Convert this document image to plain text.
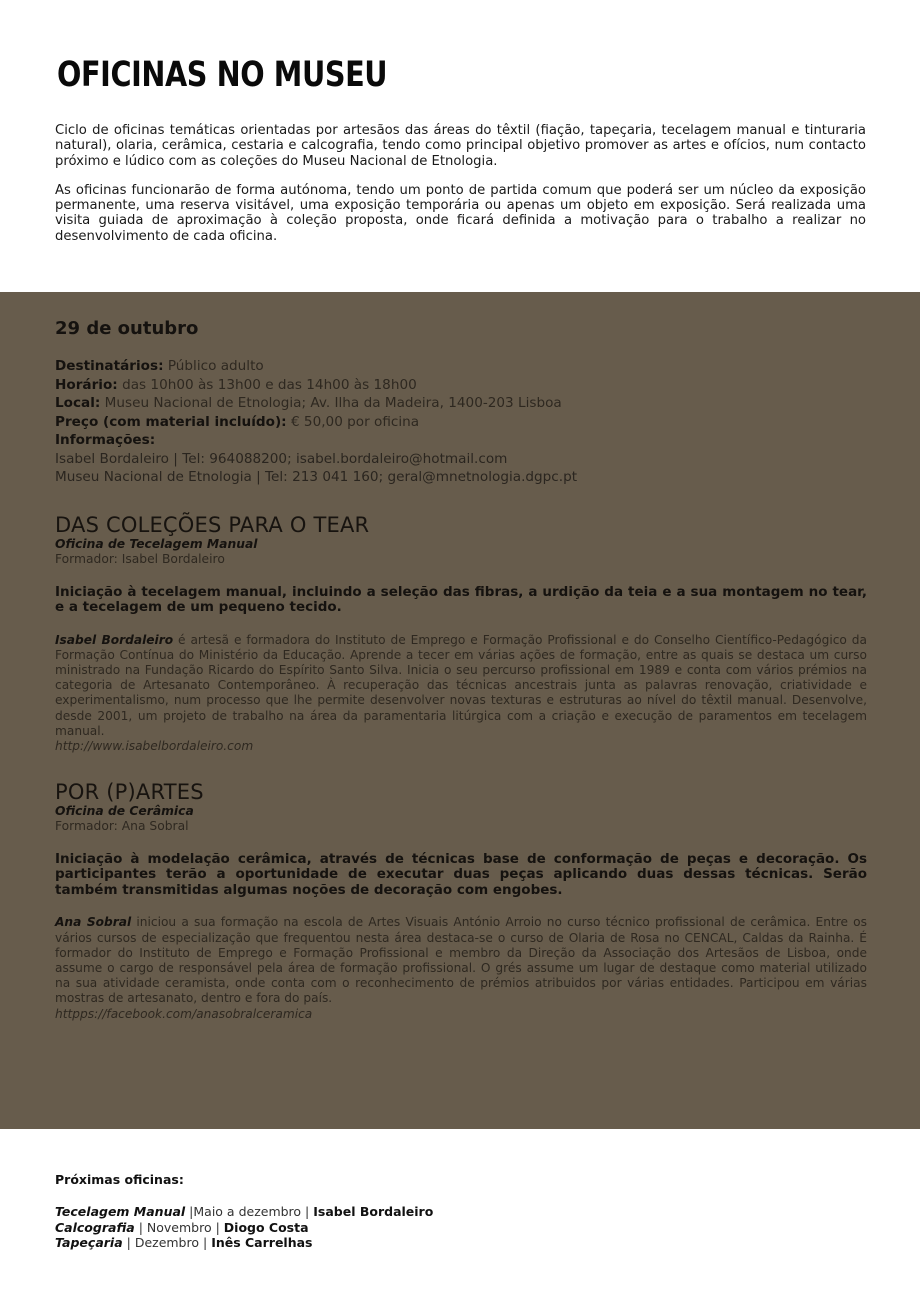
OFICINAS NO MUSEU

Ciclo de oficinas temáticas orientadas por artesãos das áreas do têxtil (fiação, tapeçaria, tecelagem manual e tinturaria natural), olaria, cerâmica, cestaria e calcografia, tendo como principal objetivo promover as artes e ofícios, num contacto próximo e lúdico com as coleções do Museu Nacional de Etnologia.

As oficinas funcionarão de forma autónoma, tendo um ponto de partida comum que poderá ser um núcleo da exposição permanente, uma reserva visitável, uma exposição temporária ou apenas um objeto em exposição. Será realizada uma visita guiada de aproximação à coleção proposta, onde ficará definida a motivação para o trabalho a realizar no desenvolvimento de cada oficina.

29 de outubro
Destinatários: Público adulto
Horário: das 10h00 às 13h00 e das 14h00 às 18h00
Local: Museu Nacional de Etnologia; Av. Ilha da Madeira, 1400-203 Lisboa
Preço (com material incluído): € 50,00 por oficina
Informações:
Isabel Bordaleiro | Tel: 964088200; isabel.bordaleiro@hotmail.com
Museu Nacional de Etnologia | Tel: 213 041 160; geral@mnetnologia.dgpc.pt
DAS COLEÇÕES PARA O TEAR
Oficina de Tecelagem Manual
Formador: Isabel Bordaleiro
Iniciação à tecelagem manual, incluindo a seleção das fibras, a urdição da teia e a sua montagem no tear, e a tecelagem de um pequeno tecido.
Isabel Bordaleiro é artesã e formadora do Instituto de Emprego e Formação Profissional e do Conselho Científico-Pedagógico da Formação Contínua do Ministério da Educação. Aprende a tecer em várias ações de formação, entre as quais se destaca um curso ministrado na Fundação Ricardo do Espírito Santo Silva. Inicia o seu percurso profissional em 1989 e conta com vários prémios na categoria de Artesanato Contemporâneo. À recuperação das técnicas ancestrais junta as palavras renovação, criatividade e experimentalismo, num processo que lhe permite desenvolver novas texturas e estruturas ao nível do têxtil manual. Desenvolve, desde 2001, um projeto de trabalho na área da paramentaria litúrgica com a criação e execução de paramentos em tecelagem manual.
http://www.isabelbordaleiro.com
POR (P)ARTES
Oficina de Cerâmica
Formador: Ana Sobral
Iniciação à modelação cerâmica, através de técnicas base de conformação de peças e decoração. Os participantes terão a oportunidade de executar duas peças aplicando duas dessas técnicas. Serão também transmitidas algumas noções de decoração com engobes.
Ana Sobral iniciou a sua formação na escola de Artes Visuais António Arroio no curso técnico profissional de cerâmica. Entre os vários cursos de especialização que frequentou nesta área destaca-se o curso de Olaria de Rosa no CENCAL, Caldas da Rainha. É formador do Instituto de Emprego e Formação Profissional e membro da Direção da Associação dos Artesãos de Lisboa, onde assume o cargo de responsável pela área de formação profissional. O grés assume um lugar de destaque como material utilizado na sua atividade ceramista, onde conta com o reconhecimento de prémios atribuidos por várias entidades. Participou em várias mostras de artesanato, dentro e fora do país.
httpps://facebook.com/anasobralceramica
Próximas oficinas:
Tecelagem Manual |Maio a dezembro | Isabel Bordaleiro
Calcografia | Novembro | Diogo Costa
Tapeçaria | Dezembro | Inês Carrelhas
